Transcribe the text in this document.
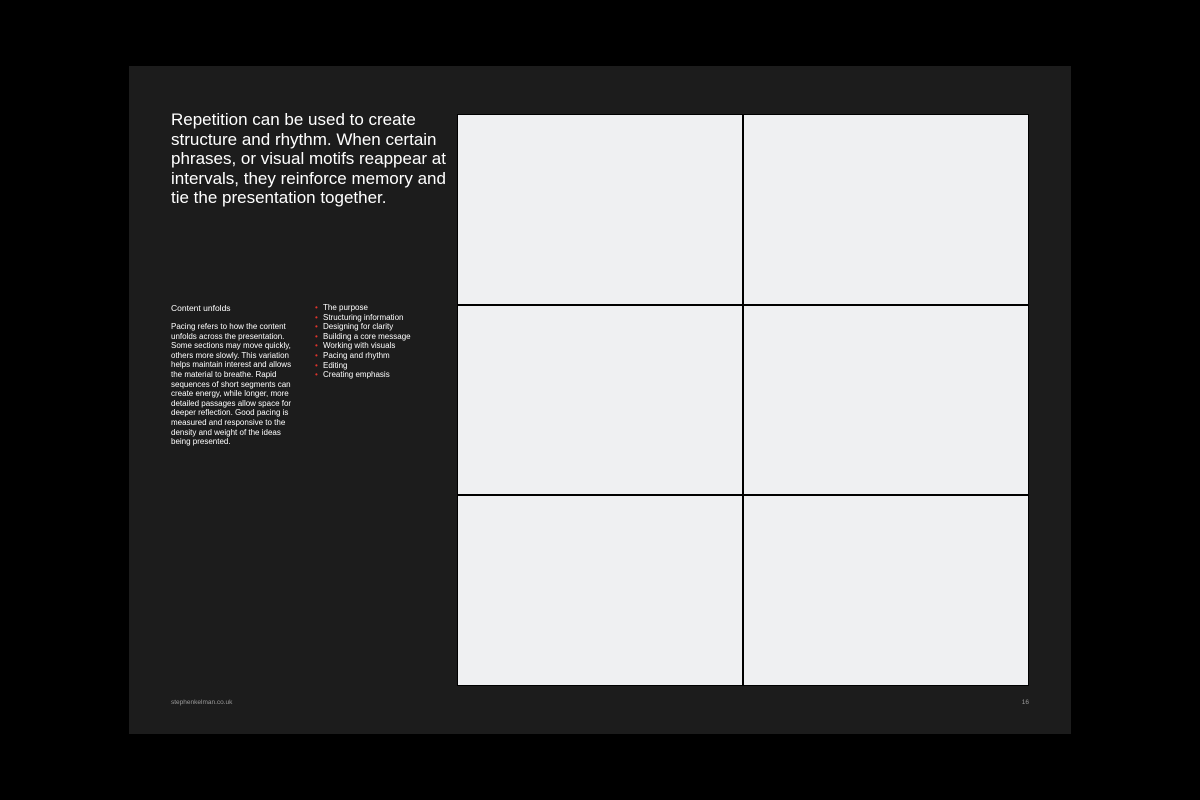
Repetition can be used to create structure and rhythm. When certain phrases, or visual motifs reappear at intervals, they reinforce memory and tie the presentation together.
Content unfolds

Pacing refers to how the content unfolds across the presentation. Some sections may move quickly, others more slowly. This variation helps maintain interest and allows the material to breathe. Rapid sequences of short segments can create energy, while longer, more detailed passages allow space for deeper reflection. Good pacing is measured and responsive to the density and weight of the ideas being presented.

• The purpose
• Structuring information
• Designing for clarity
• Building a core message
• Working with visuals
• Pacing and rhythm
• Editing
• Creating emphasis
stephenkelman.co.uk	16
